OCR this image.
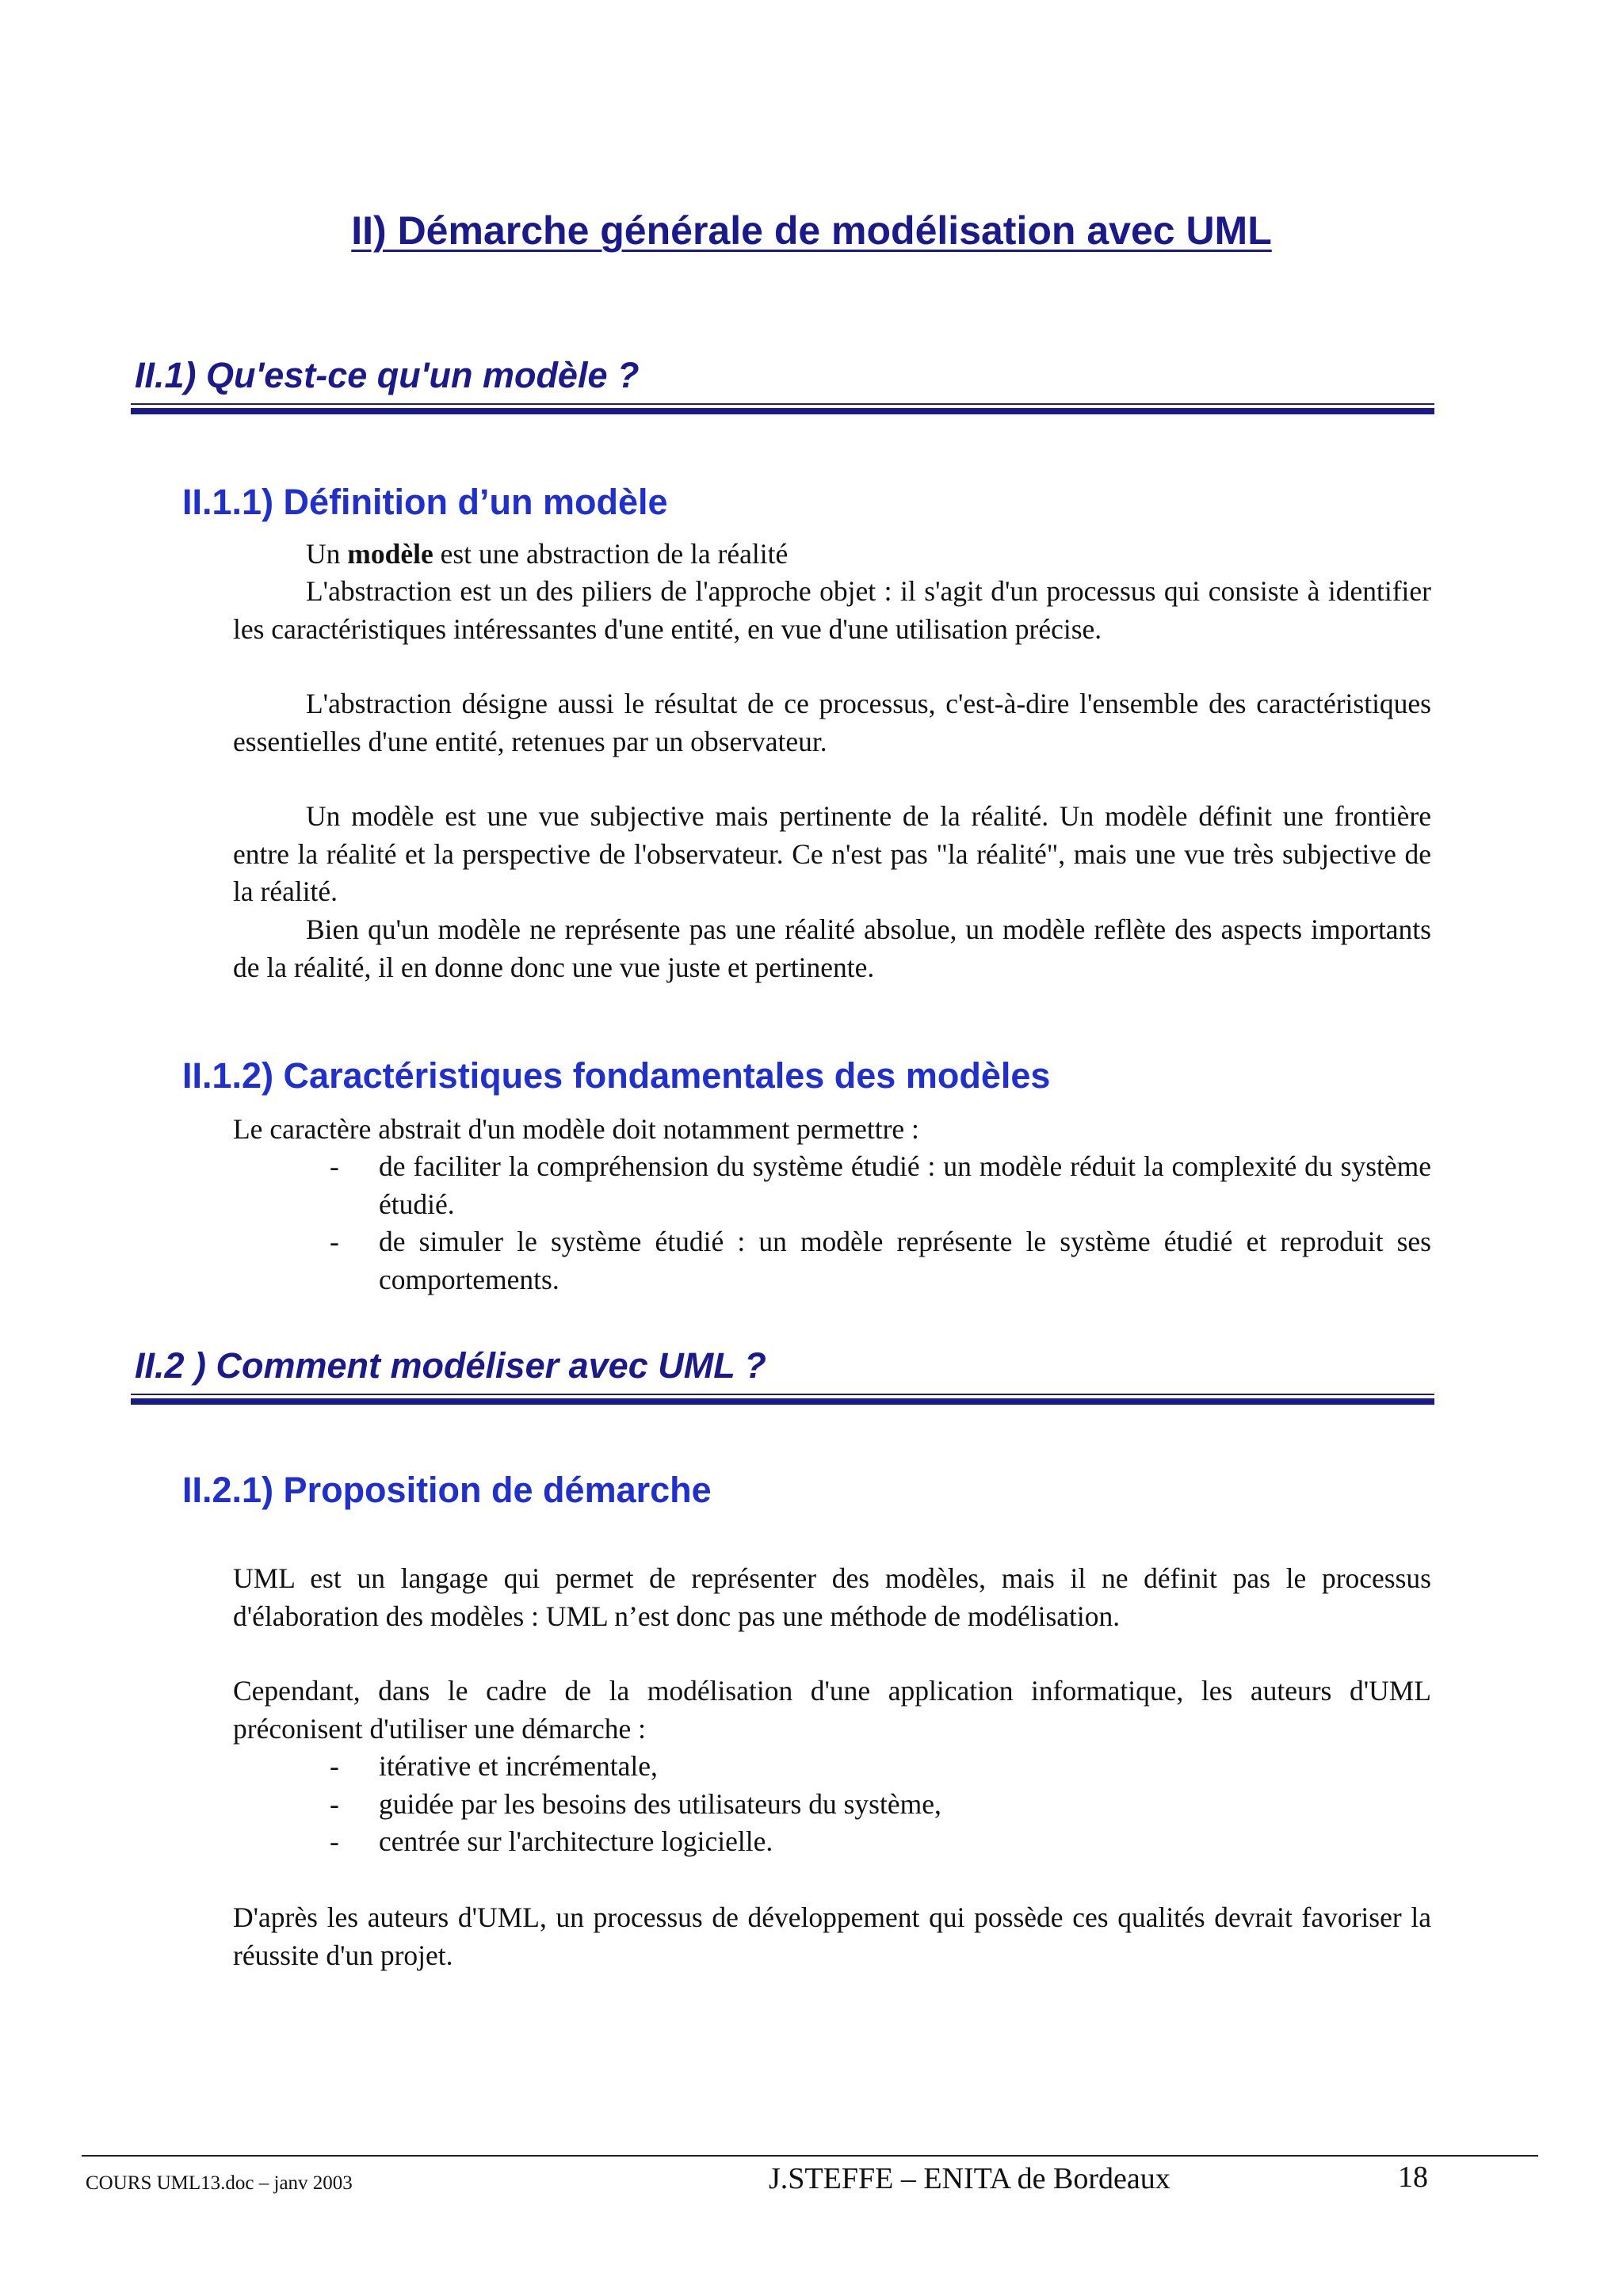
II) Démarche générale de modélisation avec UML
II.1) Qu'est-ce qu'un modèle ?
II.1.1) Définition d’un modèle

Un modèle est une abstraction de la réalité

L'abstraction est un des piliers de l'approche objet : il s'agit d'un processus qui consiste à identifier les caractéristiques intéressantes d'une entité, en vue d'une utilisation précise.

L'abstraction désigne aussi le résultat de ce processus, c'est-à-dire l'ensemble des caractéristiques essentielles d'une entité, retenues par un observateur.

Un modèle est une vue subjective mais pertinente de la réalité. Un modèle définit une frontière entre la réalité et la perspective de l'observateur. Ce n'est pas "la réalité", mais une vue très subjective de la réalité.

Bien qu'un modèle ne représente pas une réalité absolue, un modèle reflète des aspects importants de la réalité, il en donne donc une vue juste et pertinente.

II.1.2) Caractéristiques fondamentales des modèles

Le caractère abstrait d'un modèle doit notamment permettre :

- de faciliter la compréhension du système étudié : un modèle réduit la complexité du système étudié.
- de simuler le système étudié : un modèle représente le système étudié et reproduit ses comportements.
II.2 ) Comment modéliser avec UML ?
II.2.1) Proposition de démarche

UML est un langage qui permet de représenter des modèles, mais il ne définit pas le processus d'élaboration des modèles : UML n’est donc pas une méthode de modélisation.

Cependant, dans le cadre de la modélisation d'une application informatique, les auteurs d'UML préconisent d'utiliser une démarche :

- itérative et incrémentale,
- guidée par les besoins des utilisateurs du système,
- centrée sur l'architecture logicielle.

D'après les auteurs d'UML, un processus de développement qui possède ces qualités devrait favoriser la réussite d'un projet.

COURS UML13.doc – janv 2003	J.STEFFE – ENITA de Bordeaux	18
